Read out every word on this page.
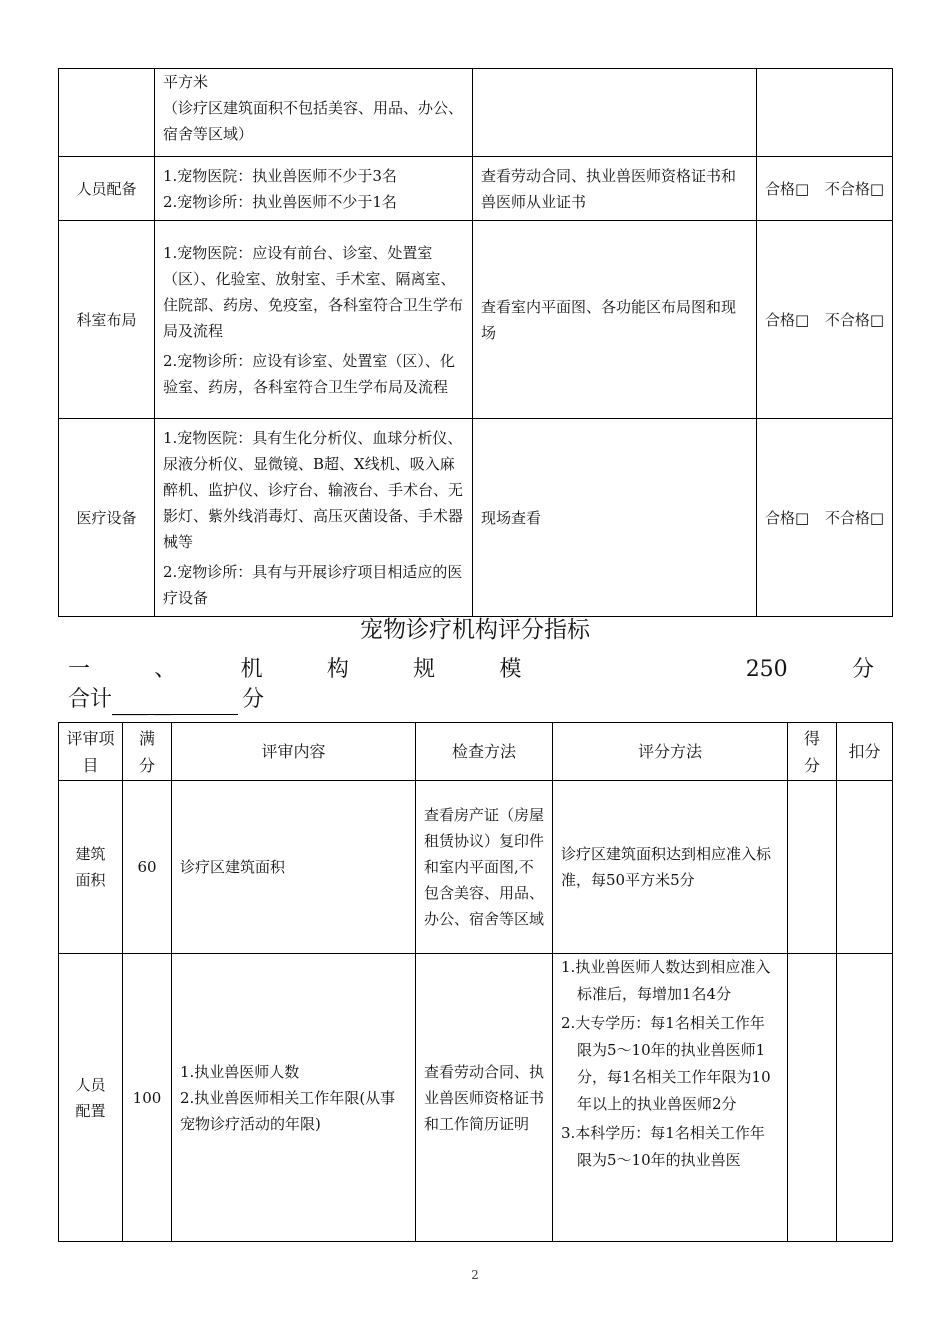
	平方米
（诊疗区建筑面积不包括美容、用品、办公、宿舍等区域）		

人员配备	1.宠物医院：执业兽医师不少于3名
2.宠物诊所：执业兽医师不少于1名	查看劳动合同、执业兽医师资格证书和兽医师从业证书	合格□ 不合格□

科室布局	1.宠物医院：应设有前台、诊室、处置室（区）、化验室、放射室、手术室、隔离室、住院部、药房、免疫室，各科室符合卫生学布局及流程
2.宠物诊所：应设有诊室、处置室（区）、化验室、药房，各科室符合卫生学布局及流程	查看室内平面图、各功能区布局图和现场	合格□ 不合格□

医疗设备	1.宠物医院：具有生化分析仪、血球分析仪、尿液分析仪、显微镜、B超、X线机、吸入麻醉机、监护仪、诊疗台、输液台、手术台、无影灯、紫外线消毒灯、高压灭菌设备、手术器械等
2.宠物诊所：具有与开展诊疗项目相适应的医疗设备	现场查看	合格□ 不合格□
宠物诊疗机构评分指标
一	、	机	构	规	模	250	分
合计____ __	分
评审项目	满分	评审内容	检查方法	评分方法	得分	扣分
建筑面积	60	诊疗区建筑面积	查看房产证（房屋租赁协议）复印件和室内平面图,不包含美容、用品、办公、宿舍等区域	诊疗区建筑面积达到相应准入标准，每50平方米5分		

人员配置	100	1.执业兽医师人数
2.执业兽医师相关工作年限(从事宠物诊疗活动的年限)	查看劳动合同、执业兽医师资格证书和工作简历证明	1.执业兽医师人数达到相应准入标准后，每增加1名4分
2.大专学历：每1名相关工作年限为5～10年的执业兽医师1分，每1名相关工作年限为10年以上的执业兽医师2分
3.本科学历：每1名相关工作年限为5～10年的执业兽医		

2
